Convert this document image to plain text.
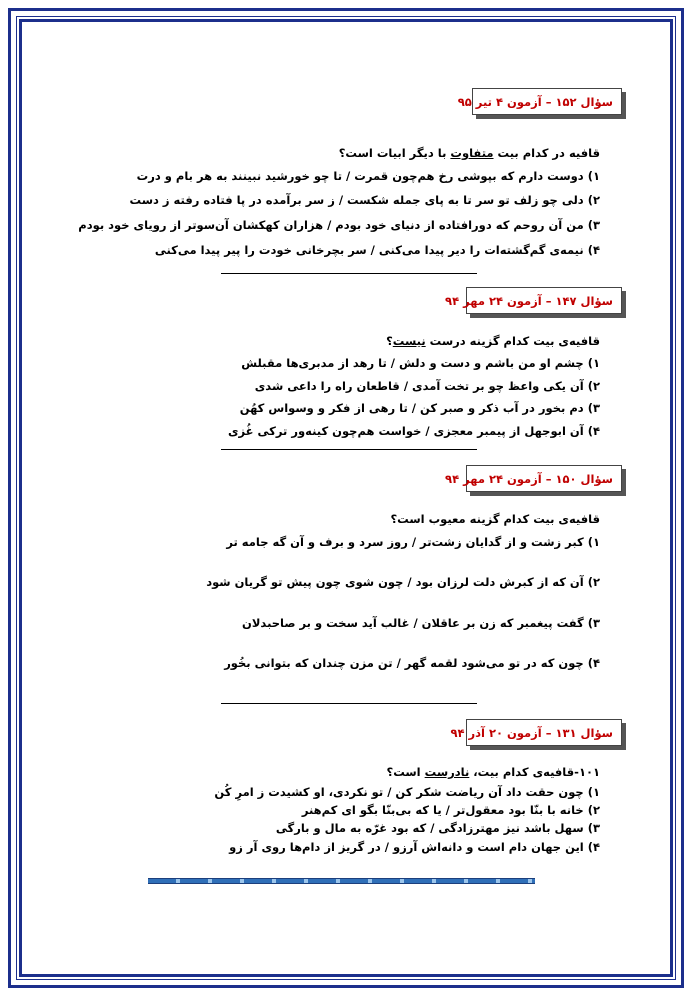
سؤال ۱۵۲ – آزمون ۴ تیر ۹۵
قافیه در کدام بیت متفاوت با دیگر ابیات است؟
۱) دوست دارم که بپوشی رخ هم‌چون قمرت / تا چو خورشید نبینند به هر بام و درت
۲) دلی چو زلف تو سر تا به پای جمله شکست / ز سر برآمده در پا فتاده رفته ز دست
۳) من آن روحم که دورافتاده از دنیای خود بودم / هزاران کهکشان آن‌سوتر از رویای خود بودم
۴) نیمه‌ی گم‌گشته‌ات را دیر پیدا می‌کنی / سر بچرخانی خودت را پیر پیدا می‌کنی
سؤال ۱۴۷ – آزمون ۲۴ مهر ۹۴
قافیه‌ی بیت کدام گزینه درست نیست؟
۱) چشم او من باشم و دست و دلش / تا رهد از مدبری‌ها مقبلش
۲) آن یکی واعظ چو بر تخت آمدی / قاطعان راه را داعی شدی
۳) دم بخور در آب ذکر و صبر کن / تا رهی از فکر و وسواس کهُن
۴) آن ابوجهل از پیمبر معجزی / خواست هم‌چون کینه‌ور ترکی غُزی
سؤال ۱۵۰ – آزمون ۲۴ مهر ۹۴
قافیه‌ی بیت کدام گزینه معیوب است؟
۱) کبر زشت و از گدایان زشت‌تر / روز سرد و برف و آن گه جامه تر
۲) آن که از کبرش دلت لرزان بود / چون شوی چون پیش تو گریان شود
۳) گفت پیغمبر که زن بر عاقلان / غالب آید سخت و بر صاحبدلان
۴) چون که در تو می‌شود لقمه گهر / تن مزن چندان که بتوانی بخُور
سؤال ۱۳۱ – آزمون ۲۰ آذر ۹۴
۱۰۱-قافیه‌ی کدام بیت، نادرست است؟
۱) چون حقت داد آن ریاضت شکر کن / تو نکردی، او کشیدت ز امرِ کُن
۲) خانه با بنّا بود معقول‌تر / یا که بی‌بنّا بگو ای کم‌هنر
۳) سهل باشد نیز مهترزادگی / که بود غرّه به مال و بارگی
۴) این جهان دام است و دانه‌اش آرزو / در گریز از دام‌ها روی آر زو
